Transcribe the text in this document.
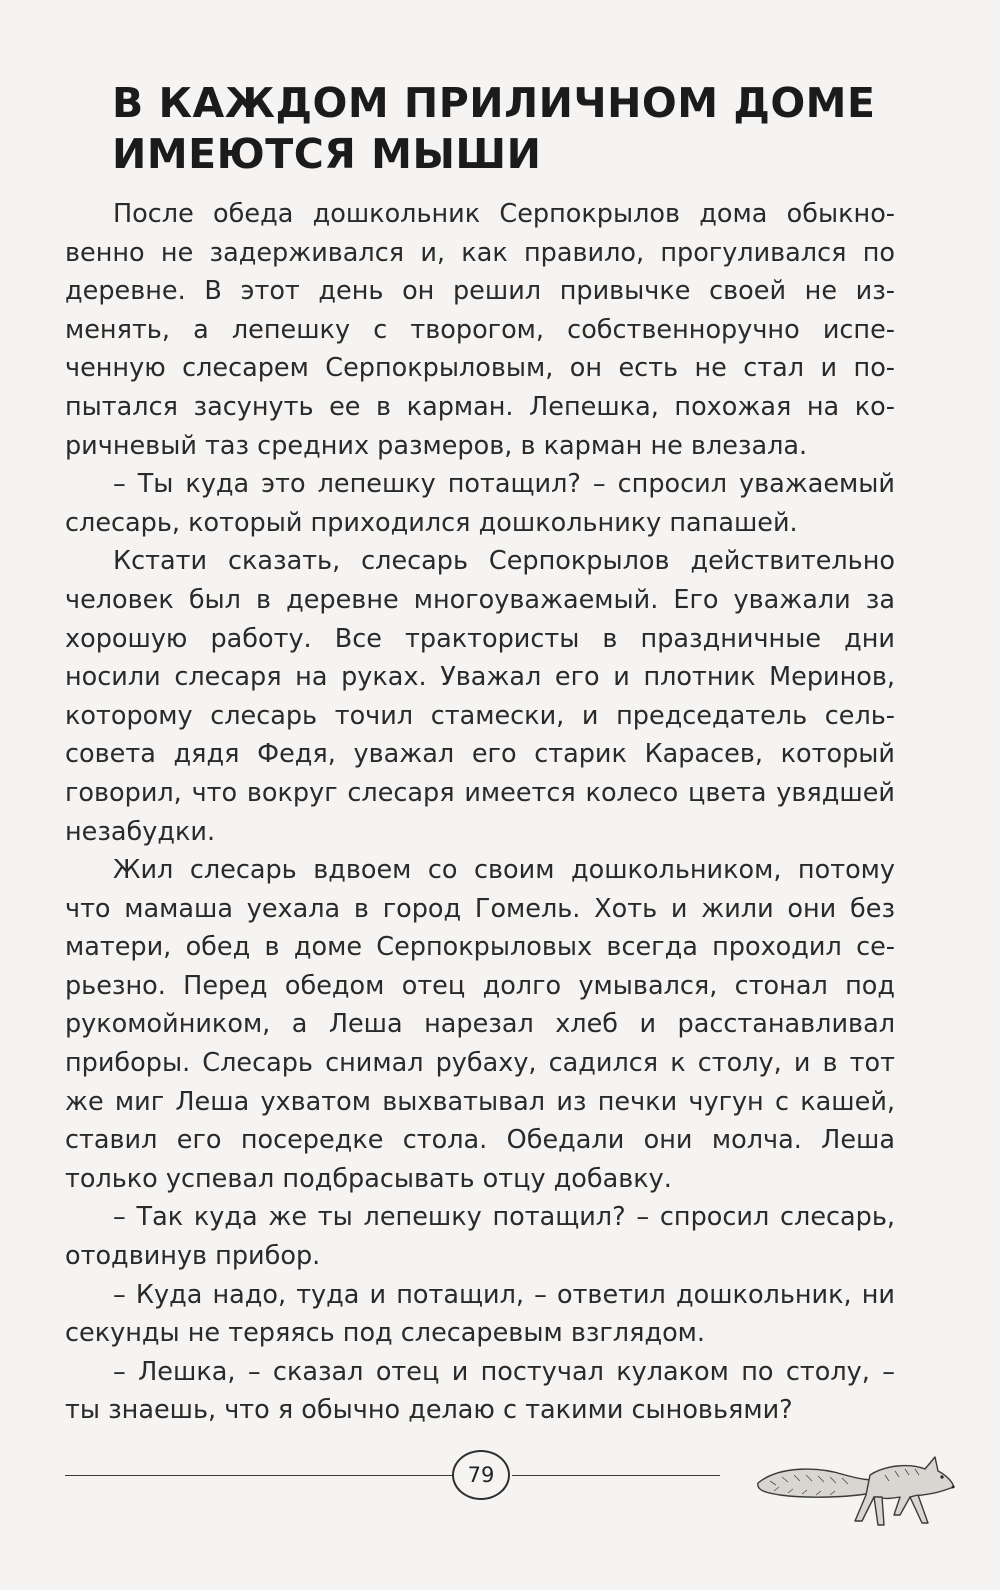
В КАЖДОМ ПРИЛИЧНОМ ДОМЕ
ИМЕЮТСЯ МЫШИ

После обеда дошкольник Серпокрылов дома обыкновенно не задерживался и, как правило, прогуливался по деревне. В этот день он решил привычке своей не изменять, а лепешку с творогом, собственноручно испеченную слесарем Серпокрыловым, он есть не стал и попытался засунуть ее в карман. Лепешка, похожая на коричневый таз средних размеров, в карман не влезала.

– Ты куда это лепешку потащил? – спросил уважаемый слесарь, который приходился дошкольнику папашей.

Кстати сказать, слесарь Серпокрылов действительно человек был в деревне многоуважаемый. Его уважали за хорошую работу. Все трактористы в праздничные дни носили слесаря на руках. Уважал его и плотник Меринов, которому слесарь точил стамески, и председатель сельсовета дядя Федя, уважал его старик Карасев, который говорил, что вокруг слесаря имеется колесо цвета увядшей незабудки.

Жил слесарь вдвоем со своим дошкольником, потому что мамаша уехала в город Гомель. Хоть и жили они без матери, обед в доме Серпокрыловых всегда проходил серьезно. Перед обедом отец долго умывался, стонал под рукомойником, а Леша нарезал хлеб и расстанавливал приборы. Слесарь снимал рубаху, садился к столу, и в тот же миг Леша ухватом выхватывал из печки чугун с кашей, ставил его посередке стола. Обедали они молча. Леша только успевал подбрасывать отцу добавку.

– Так куда же ты лепешку потащил? – спросил слесарь, отодвинув прибор.

– Куда надо, туда и потащил, – ответил дошкольник, ни секунды не теряясь под слесаревым взглядом.

– Лешка, – сказал отец и постучал кулаком по столу, – ты знаешь, что я обычно делаю с такими сыновьями?

79
